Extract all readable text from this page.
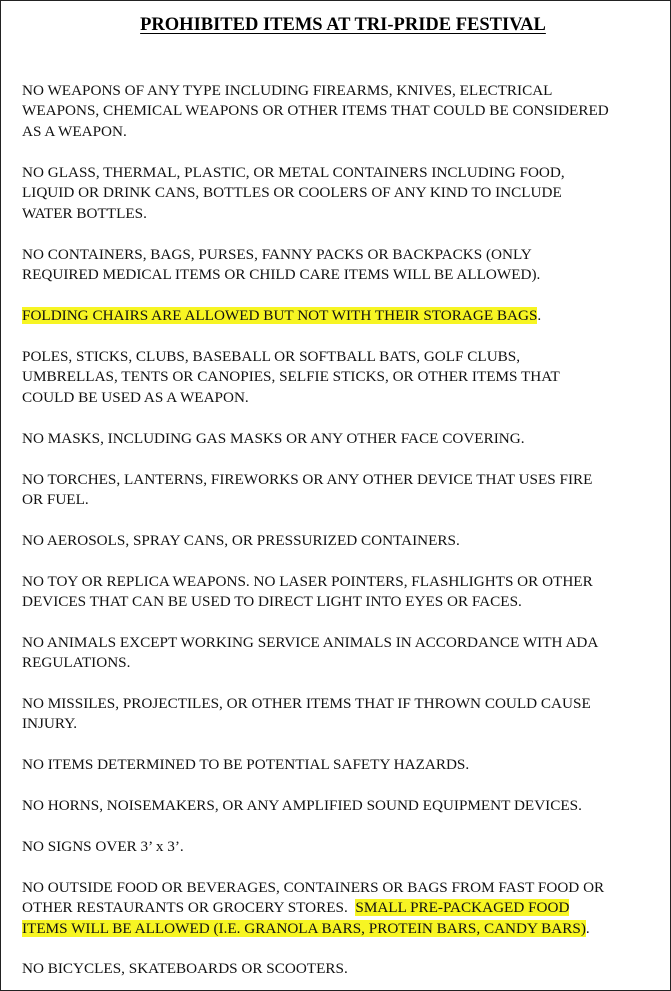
PROHIBITED ITEMS AT TRI-PRIDE FESTIVAL

NO WEAPONS OF ANY TYPE INCLUDING FIREARMS, KNIVES, ELECTRICAL
WEAPONS, CHEMICAL WEAPONS OR OTHER ITEMS THAT COULD BE CONSIDERED
AS A WEAPON.

NO GLASS, THERMAL, PLASTIC, OR METAL CONTAINERS INCLUDING FOOD,
LIQUID OR DRINK CANS, BOTTLES OR COOLERS OF ANY KIND TO INCLUDE
WATER BOTTLES.

NO CONTAINERS, BAGS, PURSES, FANNY PACKS OR BACKPACKS (ONLY
REQUIRED MEDICAL ITEMS OR CHILD CARE ITEMS WILL BE ALLOWED).

FOLDING CHAIRS ARE ALLOWED BUT NOT WITH THEIR STORAGE BAGS.

POLES, STICKS, CLUBS, BASEBALL OR SOFTBALL BATS, GOLF CLUBS,
UMBRELLAS, TENTS OR CANOPIES, SELFIE STICKS, OR OTHER ITEMS THAT
COULD BE USED AS A WEAPON.

NO MASKS, INCLUDING GAS MASKS OR ANY OTHER FACE COVERING.

NO TORCHES, LANTERNS, FIREWORKS OR ANY OTHER DEVICE THAT USES FIRE
OR FUEL.

NO AEROSOLS, SPRAY CANS, OR PRESSURIZED CONTAINERS.

NO TOY OR REPLICA WEAPONS. NO LASER POINTERS, FLASHLIGHTS OR OTHER
DEVICES THAT CAN BE USED TO DIRECT LIGHT INTO EYES OR FACES.

NO ANIMALS EXCEPT WORKING SERVICE ANIMALS IN ACCORDANCE WITH ADA
REGULATIONS.

NO MISSILES, PROJECTILES, OR OTHER ITEMS THAT IF THROWN COULD CAUSE
INJURY.

NO ITEMS DETERMINED TO BE POTENTIAL SAFETY HAZARDS.

NO HORNS, NOISEMAKERS, OR ANY AMPLIFIED SOUND EQUIPMENT DEVICES.

NO SIGNS OVER 3’ x 3’.

NO OUTSIDE FOOD OR BEVERAGES, CONTAINERS OR BAGS FROM FAST FOOD OR
OTHER RESTAURANTS OR GROCERY STORES.  SMALL PRE-PACKAGED FOOD
ITEMS WILL BE ALLOWED (I.E. GRANOLA BARS, PROTEIN BARS, CANDY BARS).

NO BICYCLES, SKATEBOARDS OR SCOOTERS.
